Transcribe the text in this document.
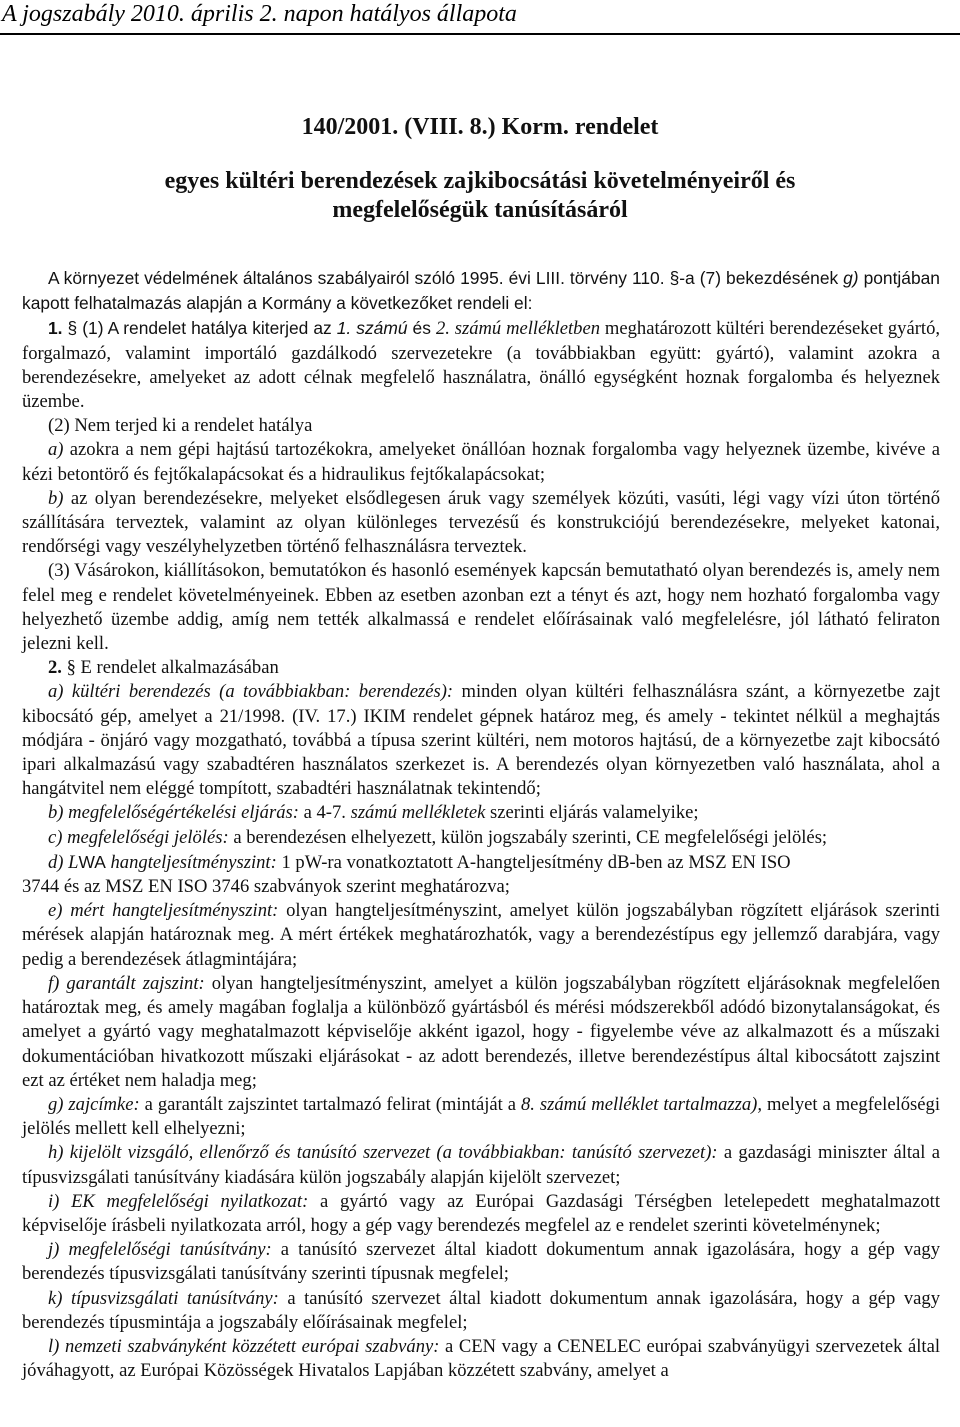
A jogszabály 2010. április 2. napon hatályos állapota

140/2001. (VIII. 8.) Korm. rendelet

egyes kültéri berendezések zajkibocsátási követelményeiről és megfelelőségük tanúsításáról

A környezet védelmének általános szabályairól szóló 1995. évi LIII. törvény 110. §-a (7) bekezdésének g) pontjában kapott felhatalmazás alapján a Kormány a következőket rendeli el:

1. § (1) A rendelet hatálya kiterjed az 1. számú és 2. számú mellékletben meghatározott kültéri berendezéseket gyártó, forgalmazó, valamint importáló gazdálkodó szervezetekre (a továbbiakban együtt: gyártó), valamint azokra a berendezésekre, amelyeket az adott célnak megfelelő használatra, önálló egységként hoznak forgalomba és helyeznek üzembe.

(2) Nem terjed ki a rendelet hatálya

a) azokra a nem gépi hajtású tartozékokra, amelyeket önállóan hoznak forgalomba vagy helyeznek üzembe, kivéve a kézi betontörő és fejtőkalapácsokat és a hidraulikus fejtőkalapácsokat;

b) az olyan berendezésekre, melyeket elsődlegesen áruk vagy személyek közúti, vasúti, légi vagy vízi úton történő szállítására terveztek, valamint az olyan különleges tervezésű és konstrukciójú berendezésekre, melyeket katonai, rendőrségi vagy veszélyhelyzetben történő felhasználásra terveztek.

(3) Vásárokon, kiállításokon, bemutatókon és hasonló események kapcsán bemutatható olyan berendezés is, amely nem felel meg e rendelet követelményeinek. Ebben az esetben azonban ezt a tényt és azt, hogy nem hozható forgalomba vagy helyezhető üzembe addig, amíg nem tették alkalmassá e rendelet előírásainak való megfelelésre, jól látható feliraton jelezni kell.

2. § E rendelet alkalmazásában

a) kültéri berendezés (a továbbiakban: berendezés): minden olyan kültéri felhasználásra szánt, a környezetbe zajt kibocsátó gép, amelyet a 21/1998. (IV. 17.) IKIM rendelet gépnek határoz meg, és amely - tekintet nélkül a meghajtás módjára - önjáró vagy mozgatható, továbbá a típusa szerint kültéri, nem motoros hajtású, de a környezetbe zajt kibocsátó ipari alkalmazású vagy szabadtéren használatos szerkezet is. A berendezés olyan környezetben való használata, ahol a hangátvitel nem eléggé tompított, szabadtéri használatnak tekintendő;

b) megfelelőségértékelési eljárás: a 4-7. számú mellékletek szerinti eljárás valamelyike;

c) megfelelőségi jelölés: a berendezésen elhelyezett, külön jogszabály szerinti, CE megfelelőségi jelölés;

d) LWA hangteljesítményszint: 1 pW-ra vonatkoztatott A-hangteljesítmény dB-ben az MSZ EN ISO
3744 és az MSZ EN ISO 3746 szabványok szerint meghatározva;

e) mért hangteljesítményszint: olyan hangteljesítményszint, amelyet külön jogszabályban rögzített eljárások szerinti mérések alapján határoznak meg. A mért értékek meghatározhatók, vagy a berendezéstípus egy jellemző darabjára, vagy pedig a berendezések átlagmintájára;

f) garantált zajszint: olyan hangteljesítményszint, amelyet a külön jogszabályban rögzített eljárásoknak megfelelően határoztak meg, és amely magában foglalja a különböző gyártásból és mérési módszerekből adódó bizonytalanságokat, és amelyet a gyártó vagy meghatalmazott képviselője akként igazol, hogy - figyelembe véve az alkalmazott és a műszaki dokumentációban hivatkozott műszaki eljárásokat - az adott berendezés, illetve berendezéstípus által kibocsátott zajszint ezt az értéket nem haladja meg;

g) zajcímke: a garantált zajszintet tartalmazó felirat (mintáját a 8. számú melléklet tartalmazza), melyet a megfelelőségi jelölés mellett kell elhelyezni;

h) kijelölt vizsgáló, ellenőrző és tanúsító szervezet (a továbbiakban: tanúsító szervezet): a gazdasági miniszter által a típusvizsgálati tanúsítvány kiadására külön jogszabály alapján kijelölt szervezet;

i) EK megfelelőségi nyilatkozat: a gyártó vagy az Európai Gazdasági Térségben letelepedett meghatalmazott képviselője írásbeli nyilatkozata arról, hogy a gép vagy berendezés megfelel az e rendelet szerinti követelménynek;

j) megfelelőségi tanúsítvány: a tanúsító szervezet által kiadott dokumentum annak igazolására, hogy a gép vagy berendezés típusvizsgálati tanúsítvány szerinti típusnak megfelel;

k) típusvizsgálati tanúsítvány: a tanúsító szervezet által kiadott dokumentum annak igazolására, hogy a gép vagy berendezés típusmintája a jogszabály előírásainak megfelel;

l) nemzeti szabványként közzétett európai szabvány: a CEN vagy a CENELEC európai szabványügyi szervezetek által jóváhagyott, az Európai Közösségek Hivatalos Lapjában közzétett szabvány, amelyet a
